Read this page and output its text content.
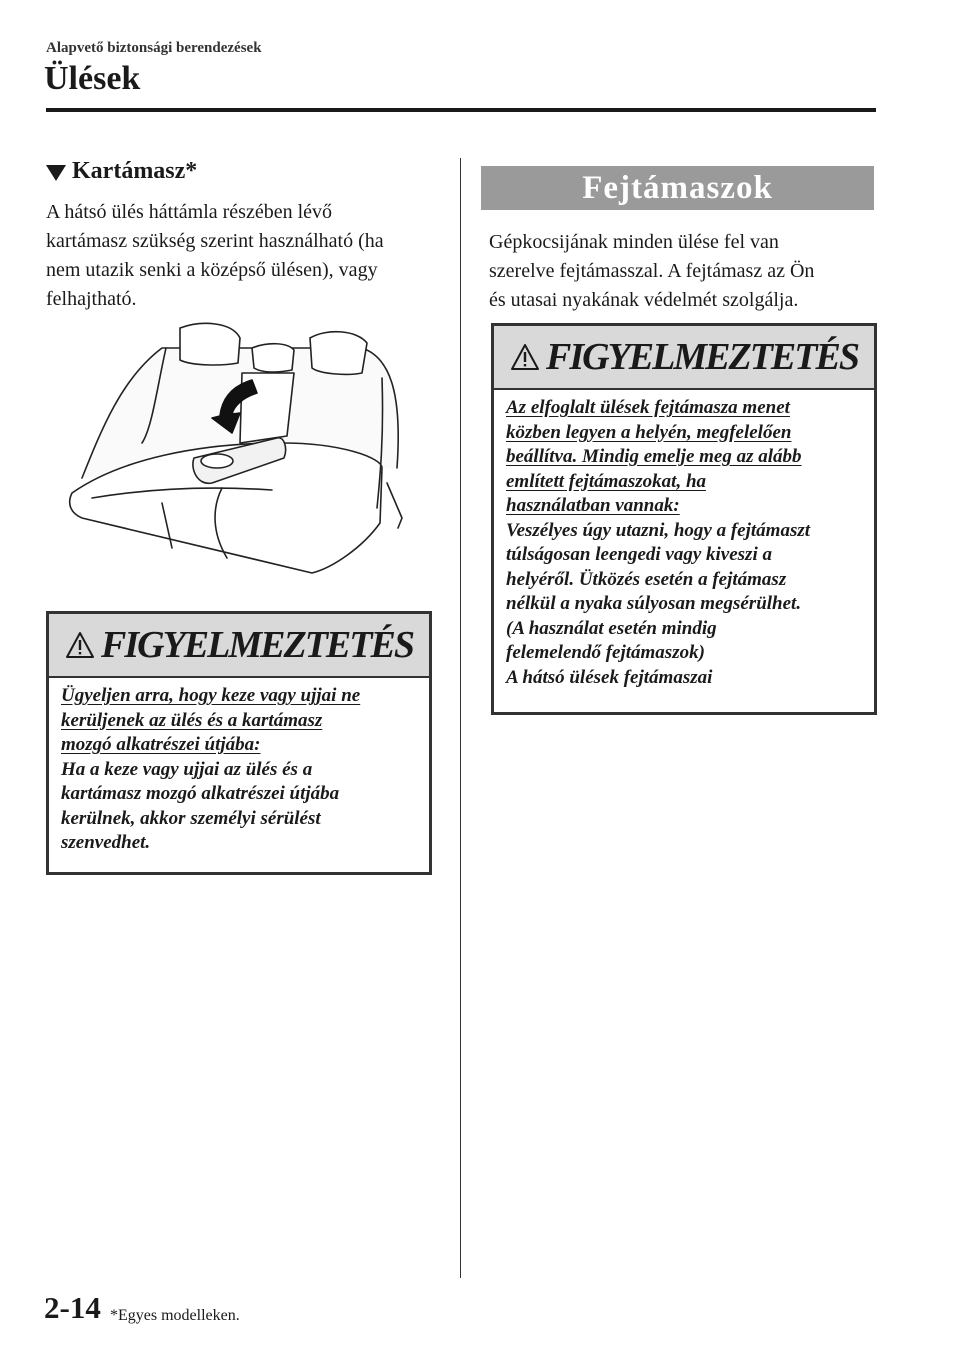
Alapvető biztonsági berendezések
Ülések
Kartámasz*

A hátsó ülés háttámla részében lévő
kartámasz szükség szerint használható (ha
nem utazik senki a középső ülésen), vagy
felhajtható.

FIGYELMEZTETÉS
Ügyeljen arra, hogy keze vagy ujjai ne
kerüljenek az ülés és a kartámasz
mozgó alkatrészei útjába:
Ha a keze vagy ujjai az ülés és a
kartámasz mozgó alkatrészei útjába
kerülnek, akkor személyi sérülést
szenvedhet.
Fejtámaszok

Gépkocsijának minden ülése fel van
szerelve fejtámasszal. A fejtámasz az Ön
és utasai nyakának védelmét szolgálja.

FIGYELMEZTETÉS
Az elfoglalt ülések fejtámasza menet
közben legyen a helyén, megfelelően
beállítva. Mindig emelje meg az alább
említett fejtámaszokat, ha
használatban vannak:
Veszélyes úgy utazni, hogy a fejtámaszt
túlságosan leengedi vagy kiveszi a
helyéről. Ütközés esetén a fejtámasz
nélkül a nyaka súlyosan megsérülhet.
(A használat esetén mindig
felemelendő fejtámaszok)
A hátsó ülések fejtámaszai
2-14 *Egyes modelleken.
